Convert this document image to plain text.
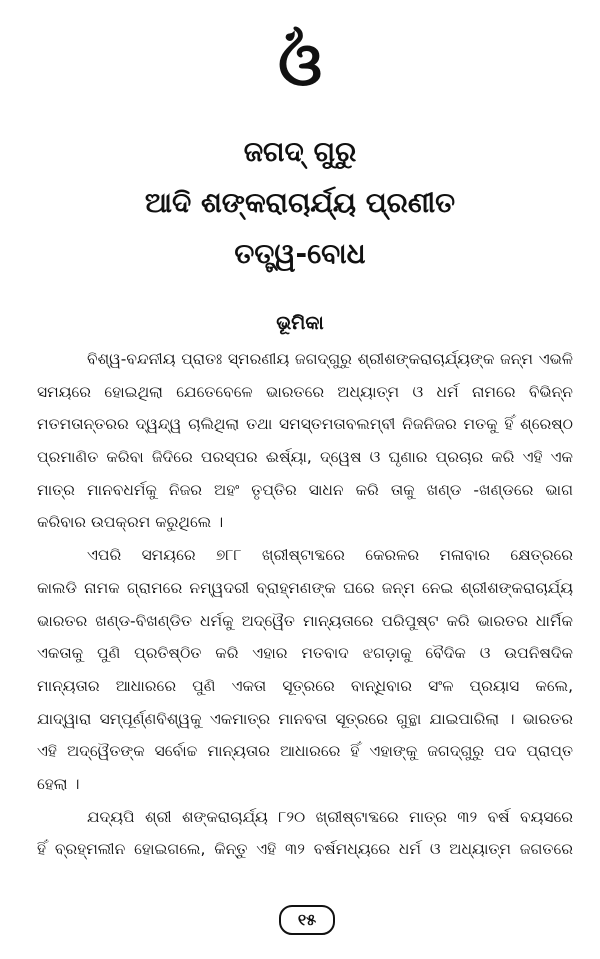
ଓଁ
ଜଗଦ୍ ଗୁରୁ
ଆଦି ଶଙ୍କରାଚାର୍ଯ୍ୟ ପ୍ରଣୀତ
ତତ୍ତ୍ୱ-ବୋଧ
ଭୂମିକା
ବିଶ୍ୱ-ବନ୍ଦନୀୟ ପ୍ରାତଃ ସ୍ମରଣୀୟ ଜଗଦ୍‌ଗୁରୁ ଶ୍ରୀଶଙ୍କରାଚାର୍ଯ୍ୟଙ୍କ ଜନ୍ମ ଏଭଳି
ସମୟରେ ହୋଇଥିଲା ଯେତେବେଳେ ଭାରତରେ ଅଧ୍ୟାତ୍ମ ଓ ଧର୍ମ ନାମରେ ବିଭିନ୍ନ
ମତମତାନ୍ତରର ଦ୍ୱନ୍ଦ୍ୱ ଚାଲିଥିଲା ତଥା ସମସ୍ତମତାବଲମ୍ବୀ ନିଜନିଜର ମତକୁ ହିଁ ଶ୍ରେଷ୍ଠ
ପ୍ରମାଣିତ କରିବା ଜିଦିରେ ପରସ୍ପର ଈର୍ଷ୍ୟା, ଦ୍ୱେଷ ଓ ଘୃଣାର ପ୍ରଚାର କରି ଏହି ଏକ
ମାତ୍ର ମାନବଧର୍ମକୁ ନିଜର ଅହଂ ତୃପ୍ତିର ସାଧନ କରି ତାକୁ ଖଣ୍ଡ -ଖଣ୍ଡରେ ଭାଗ
କରିବାର ଉପକ୍ରମ କରୁଥିଲେ ।
ଏପରି ସମୟରେ ୭୮୮ ଖ୍ରୀଷ୍ଟାବ୍ଦରେ କେରଳର ମଳାବାର କ୍ଷେତ୍ରରେ
କାଲଡି ନାମକ ଗ୍ରାମରେ ନମ୍ୱଦରୀ ବ୍ରାହ୍ମଣଙ୍କ ଘରେ ଜନ୍ମ ନେଇ ଶ୍ରୀଶଙ୍କରାଚାର୍ଯ୍ୟ
ଭାରତର ଖଣ୍ଡ-ବିଖଣ୍ଡିତ ଧର୍ମକୁ ଅଦ୍ୱୈତ ମାନ୍ୟତାରେ ପରିପୁଷ୍ଟ କରି ଭାରତର ଧାର୍ମିକ
ଏକତାକୁ ପୁଣି ପ୍ରତିଷ୍ଠିତ କରି ଏହାର ମତବାଦ ଝଗଡ଼ାକୁ ବୈଦିକ ଓ ଉପନିଷଦିକ
ମାନ୍ୟତାର ଆଧାରରେ ପୁଣି ଏକତା ସୂତ୍ରରେ ବାନ୍ଧିବାର ସଂଳ ପ୍ରୟାସ କଲେ,
ଯାଦ୍ୱାରା ସମ୍ପୂର୍ଣ୍ଣବିଶ୍ୱକୁ ଏକମାତ୍ର ମାନବତା ସୂତ୍ରରେ ଗୁନ୍ଥା ଯାଇପାରିଲା । ଭାରତର
ଏହି ଅଦ୍ୱୈତଙ୍କ ସର୍ବୋଚ୍ଚ ମାନ୍ୟତାର ଆଧାରରେ ହିଁ ଏହାଙ୍କୁ ଜଗଦ୍‌ଗୁରୁ ପଦ ପ୍ରାପ୍ତ
ହେଲା ।
ଯଦ୍ୟପି ଶ୍ରୀ ଶଙ୍କରାଚାର୍ଯ୍ୟ ୮୨୦ ଖ୍ରୀଷ୍ଟାବ୍ଦରେ ମାତ୍ର ୩୨ ବର୍ଷ ବୟସରେ
ହିଁ ବ୍ରହ୍ମଲୀନ ହୋଇଗଲେ, କିନ୍ତୁ ଏହି ୩୨ ବର୍ଷମଧ୍ୟରେ ଧର୍ମ ଓ ଅଧ୍ୟାତ୍ମ ଜଗତରେ
୧୫
